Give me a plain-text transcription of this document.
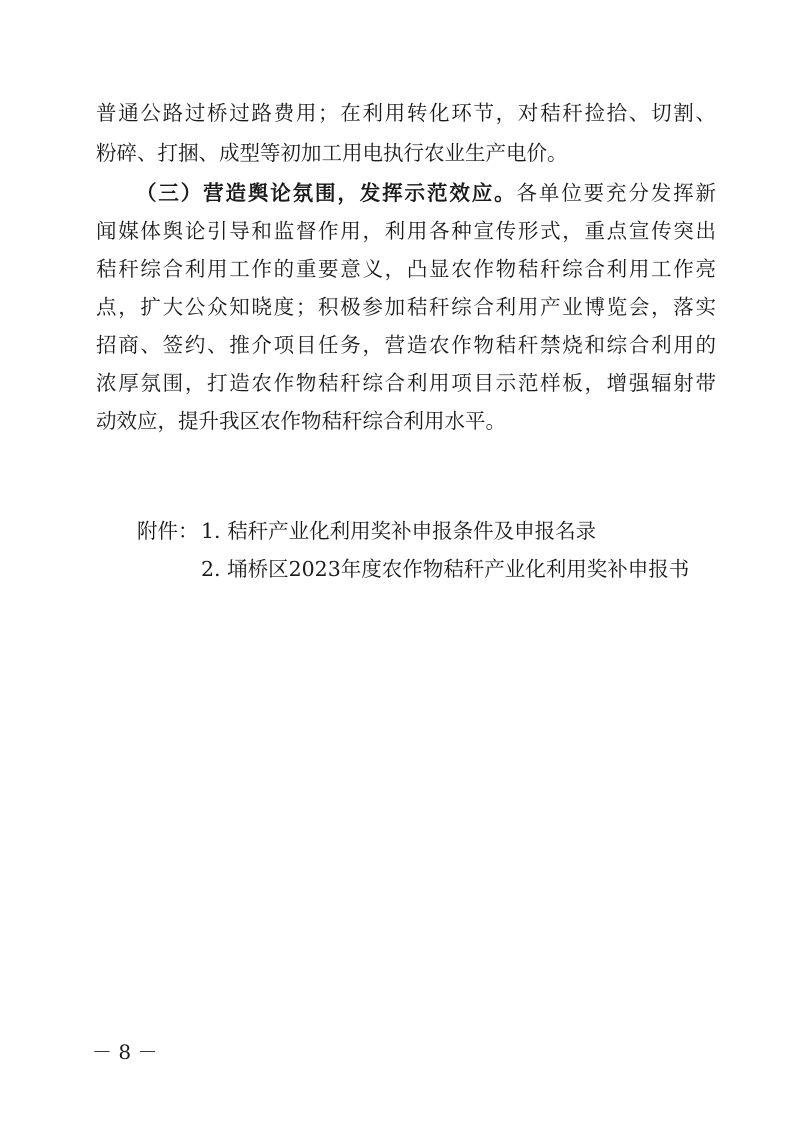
普通公路过桥过路费用；在利用转化环节，对秸秆捡拾、切割、
粉碎、打捆、成型等初加工用电执行农业生产电价。
（三）营造舆论氛围，发挥示范效应。各单位要充分发挥新
闻媒体舆论引导和监督作用，利用各种宣传形式，重点宣传突出
秸秆综合利用工作的重要意义，凸显农作物秸秆综合利用工作亮
点，扩大公众知晓度；积极参加秸秆综合利用产业博览会，落实
招商、签约、推介项目任务，营造农作物秸秆禁烧和综合利用的
浓厚氛围，打造农作物秸秆综合利用项目示范样板，增强辐射带
动效应，提升我区农作物秸秆综合利用水平。
附件： 1. 秸秆产业化利用奖补申报条件及申报名录
2. 埇桥区2023年度农作物秸秆产业化利用奖补申报书
－ 8 －
